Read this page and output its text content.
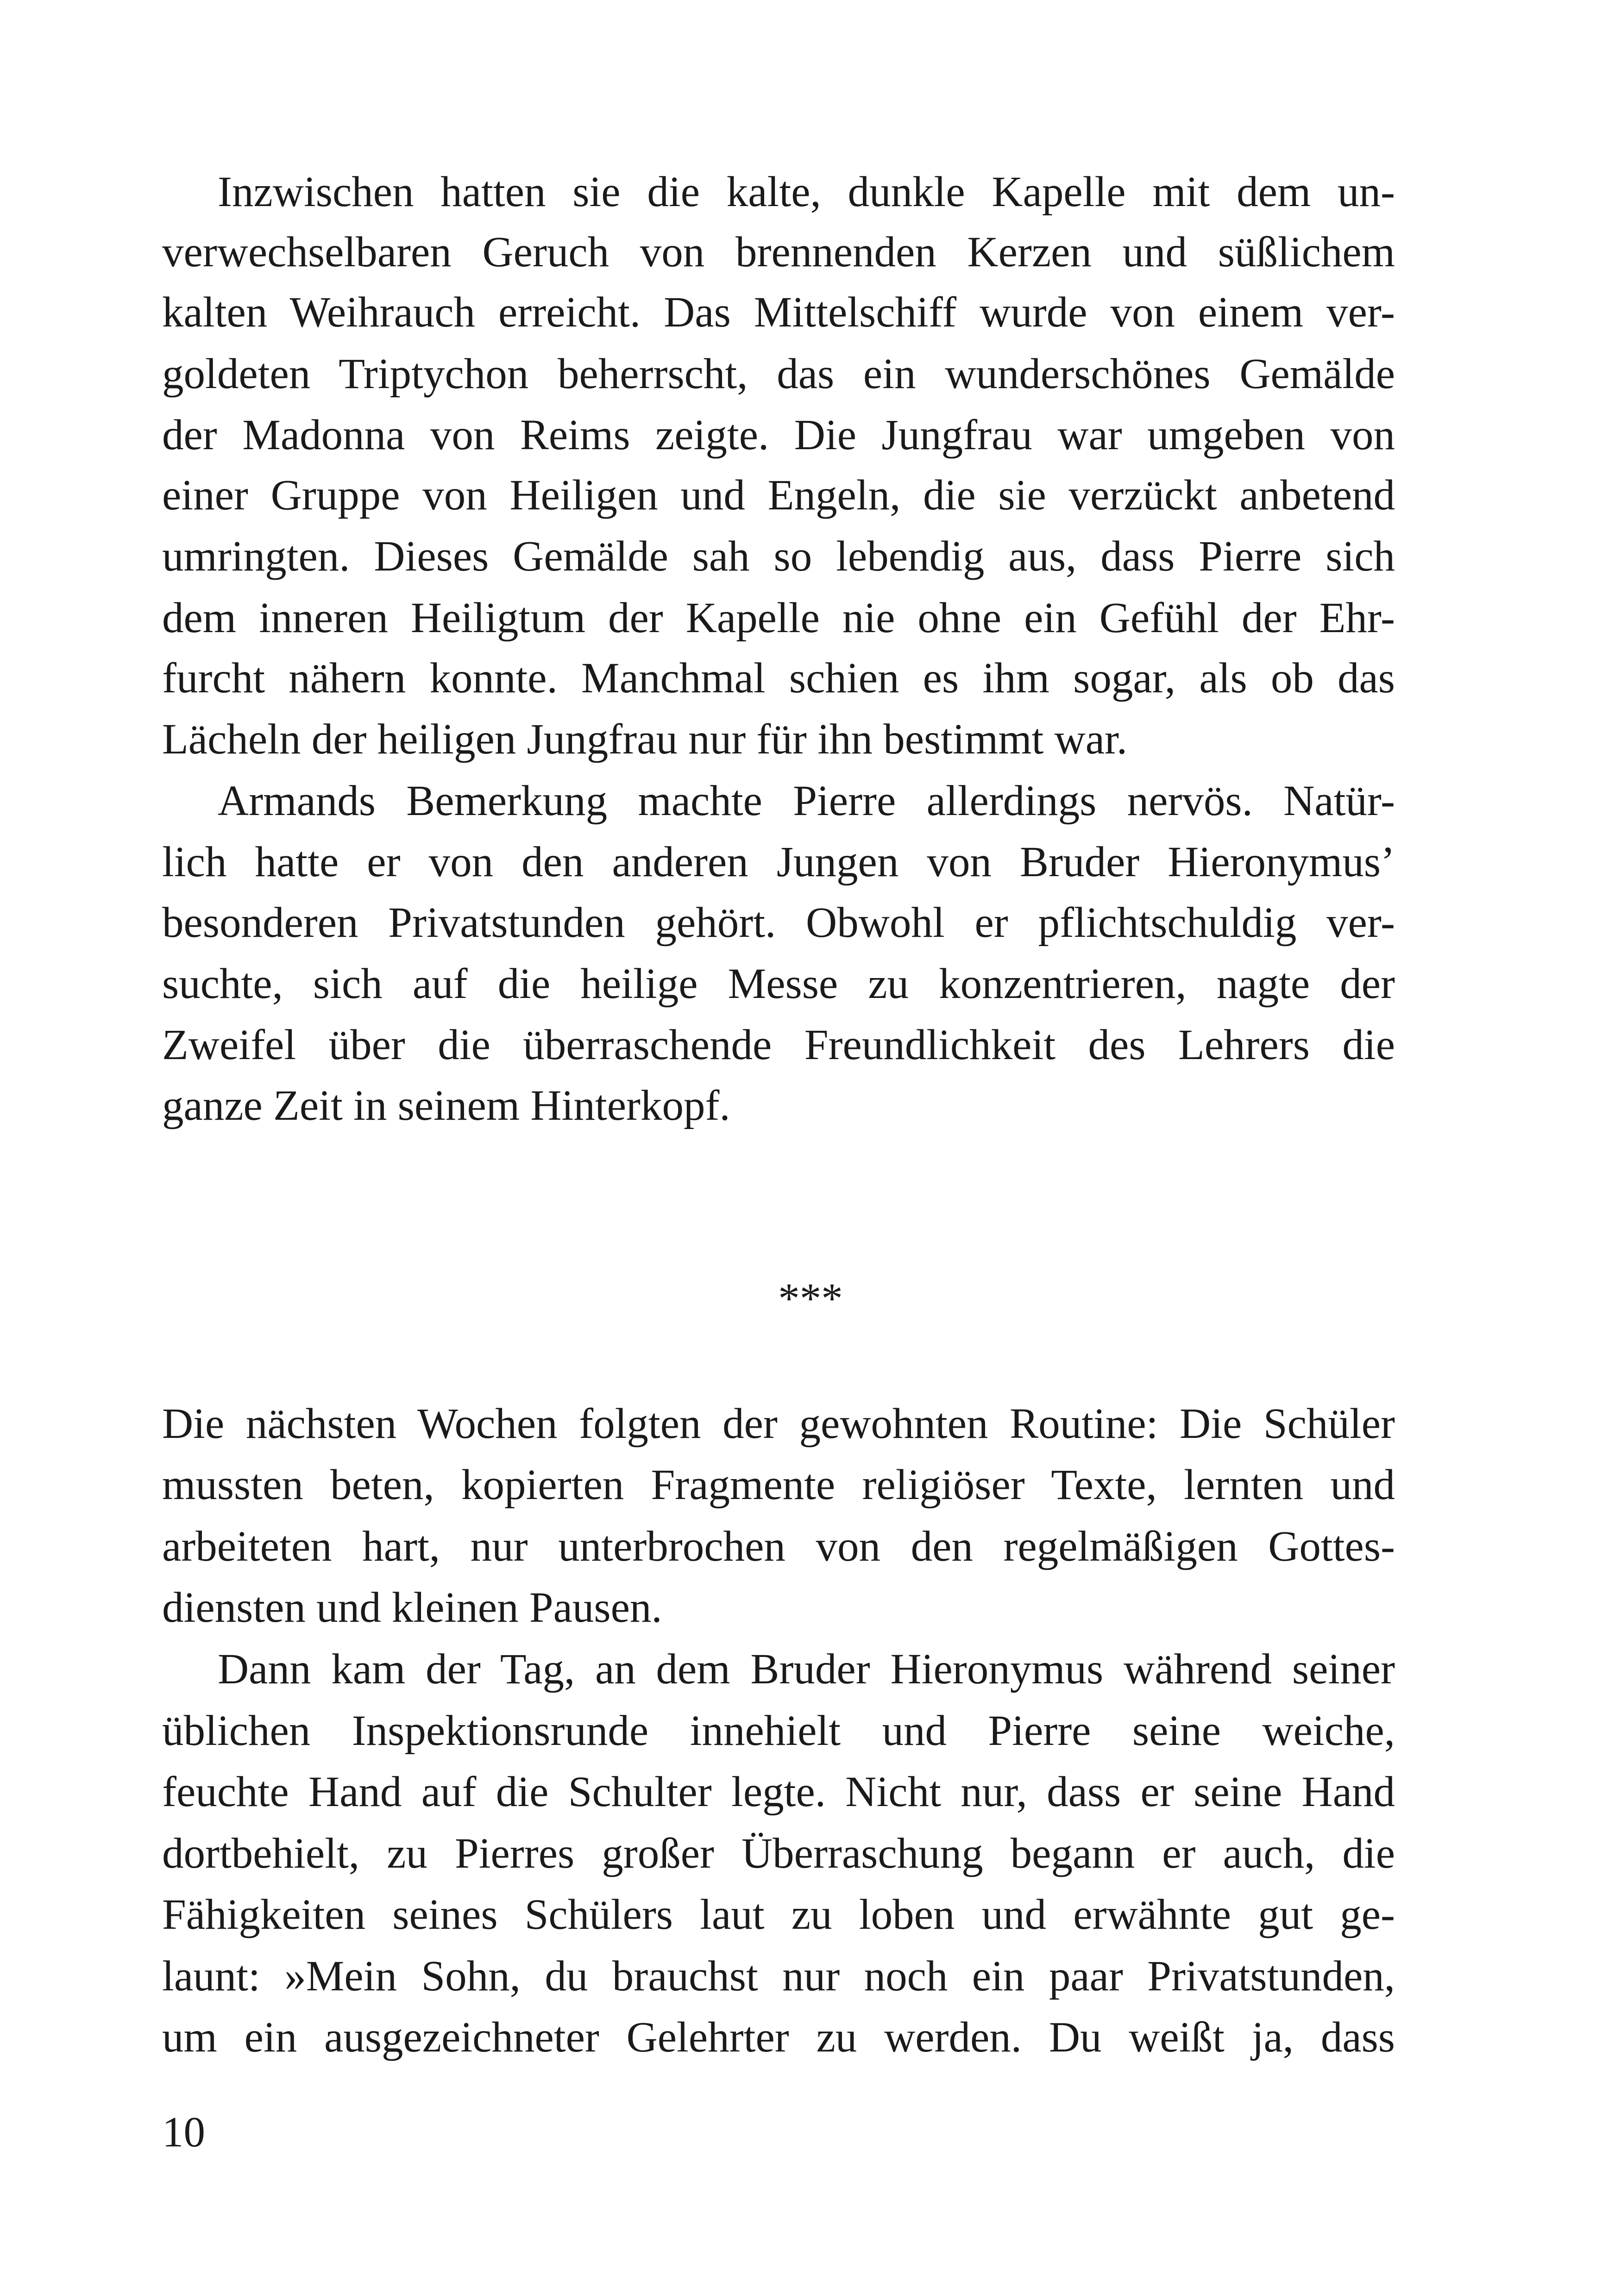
Inzwischen hatten sie die kalte, dunkle Kapelle mit dem un-
verwechselbaren Geruch von brennenden Kerzen und süßlichem
kalten Weihrauch erreicht. Das Mittelschiff wurde von einem ver-
goldeten Triptychon beherrscht, das ein wunderschönes Gemälde
der Madonna von Reims zeigte. Die Jungfrau war umgeben von
einer Gruppe von Heiligen und Engeln, die sie verzückt anbetend
umringten. Dieses Gemälde sah so lebendig aus, dass Pierre sich
dem inneren Heiligtum der Kapelle nie ohne ein Gefühl der Ehr-
furcht nähern konnte. Manchmal schien es ihm sogar, als ob das
Lächeln der heiligen Jungfrau nur für ihn bestimmt war.
Armands Bemerkung machte Pierre allerdings nervös. Natür-
lich hatte er von den anderen Jungen von Bruder Hieronymus’
besonderen Privatstunden gehört. Obwohl er pflichtschuldig ver-
suchte, sich auf die heilige Messe zu konzentrieren, nagte der
Zweifel über die überraschende Freundlichkeit des Lehrers die
ganze Zeit in seinem Hinterkopf.
***
Die nächsten Wochen folgten der gewohnten Routine: Die Schüler
mussten beten, kopierten Fragmente religiöser Texte, lernten und
arbeiteten hart, nur unterbrochen von den regelmäßigen Gottes-
diensten und kleinen Pausen.
Dann kam der Tag, an dem Bruder Hieronymus während seiner
üblichen Inspektionsrunde innehielt und Pierre seine weiche,
feuchte Hand auf die Schulter legte. Nicht nur, dass er seine Hand
dortbehielt, zu Pierres großer Überraschung begann er auch, die
Fähigkeiten seines Schülers laut zu loben und erwähnte gut ge-
launt: »Mein Sohn, du brauchst nur noch ein paar Privatstunden,
um ein ausgezeichneter Gelehrter zu werden. Du weißt ja, dass
10
